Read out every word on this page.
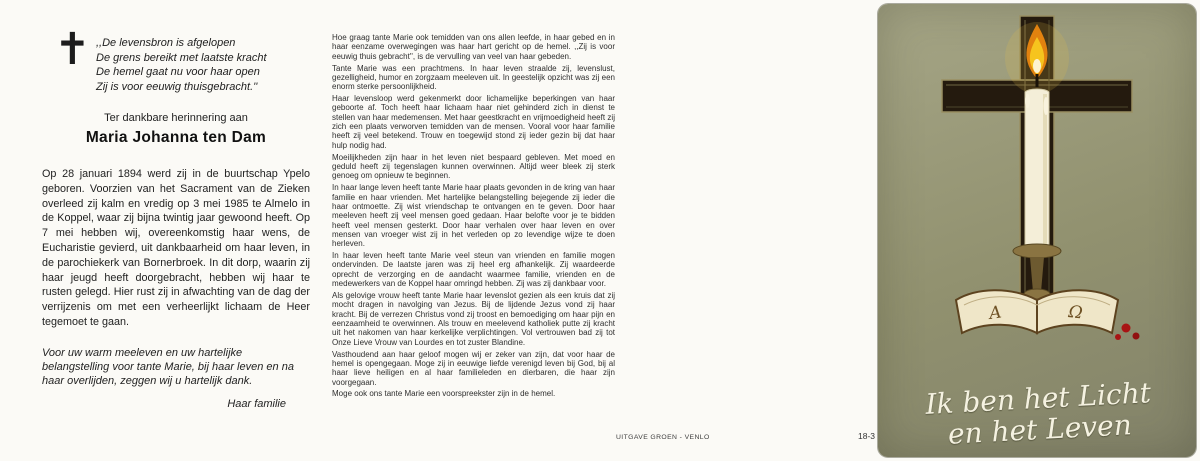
✝ ,,De levensbron is afgelopen
De grens bereikt met laatste kracht
De hemel gaat nu voor haar open
Zij is voor eeuwig thuisgebracht.''
Ter dankbare herinnering aan
Maria Johanna ten Dam
Op 28 januari 1894 werd zij in de buurtschap Ypelo geboren. Voorzien van het Sacrament van de Zieken overleed zij kalm en vredig op 3 mei 1985 te Almelo in de Koppel, waar zij bijna twintig jaar gewoond heeft. Op 7 mei hebben wij, overeenkomstig haar wens, de Eucharistie gevierd, uit dankbaarheid om haar leven, in de parochiekerk van Bornerbroek. In dit dorp, waarin zij haar jeugd heeft doorgebracht, hebben wij haar te rusten gelegd. Hier rust zij in afwachting van de dag der verrijzenis om met een verheerlijkt lichaam de Heer tegemoet te gaan.
Voor uw warm meeleven en uw hartelijke belangstelling voor tante Marie, bij haar leven en na haar overlijden, zeggen wij u hartelijk dank.
Haar familie

Hoe graag tante Marie ook temidden van ons allen leefde, in haar gebed en in haar eenzame overwegingen was haar hart gericht op de hemel. ,,Zij is voor eeuwig thuis gebracht'', is de vervulling van veel van haar gebeden.

Tante Marie was een prachtmens. In haar leven straalde zij, levenslust, gezelligheid, humor en zorgzaam meeleven uit. In geestelijk opzicht was zij een enorm sterke persoonlijkheid.

Haar levensloop werd gekenmerkt door lichamelijke beperkingen van haar geboorte af. Toch heeft haar lichaam haar niet gehinderd zich in dienst te stellen van haar medemensen. Met haar geestkracht en vrijmoedigheid heeft zij zich een plaats verworven temidden van de mensen. Vooral voor haar familie heeft zij veel betekend. Trouw en toegewijd stond zij ieder gezin bij dat haar hulp nodig had.

Moeilijkheden zijn haar in het leven niet bespaard gebleven. Met moed en geduld heeft zij tegenslagen kunnen overwinnen. Altijd weer bleek zij sterk genoeg om opnieuw te beginnen.

In haar lange leven heeft tante Marie haar plaats gevonden in de kring van haar familie en haar vrienden. Met hartelijke belangstelling bejegende zij ieder die haar ontmoette. Zij wist vriendschap te ontvangen en te geven. Door haar meeleven heeft zij veel mensen goed gedaan. Haar belofte voor je te bidden heeft veel mensen gesterkt. Door haar verhalen over haar leven en over mensen van vroeger wist zij in het verleden op zo levendige wijze te doen herleven.

In haar leven heeft tante Marie veel steun van vrienden en familie mogen ondervinden. De laatste jaren was zij heel erg afhankelijk. Zij waardeerde oprecht de verzorging en de aandacht waarmee familie, vrienden en de medewerkers van de Koppel haar omringd hebben. Zij was zij dankbaar voor.

Als gelovige vrouw heeft tante Marie haar levenslot gezien als een kruis dat zij mocht dragen in navolging van Jezus. Bij de lijdende Jezus vond zij haar kracht. Bij de verrezen Christus vond zij troost en bemoediging om haar pijn en eenzaamheid te overwinnen. Als trouw en meelevend katholiek putte zij kracht uit het nakomen van haar kerkelijke verplichtingen. Vol vertrouwen bad zij tot Onze Lieve Vrouw van Lourdes en tot zuster Blandine.

Vasthoudend aan haar geloof mogen wij er zeker van zijn, dat voor haar de hemel is opengegaan. Moge zij in eeuwige liefde verenigd leven bij God, bij al haar lieve heiligen en al haar familieleden en dierbaren, die haar zijn voorgegaan.

Moge ook ons tante Marie een voorspreekster zijn in de hemel.

UITGAVE GROEN - VENLO	18-3
Α	Ω
Ik ben het Licht
en het Leven
